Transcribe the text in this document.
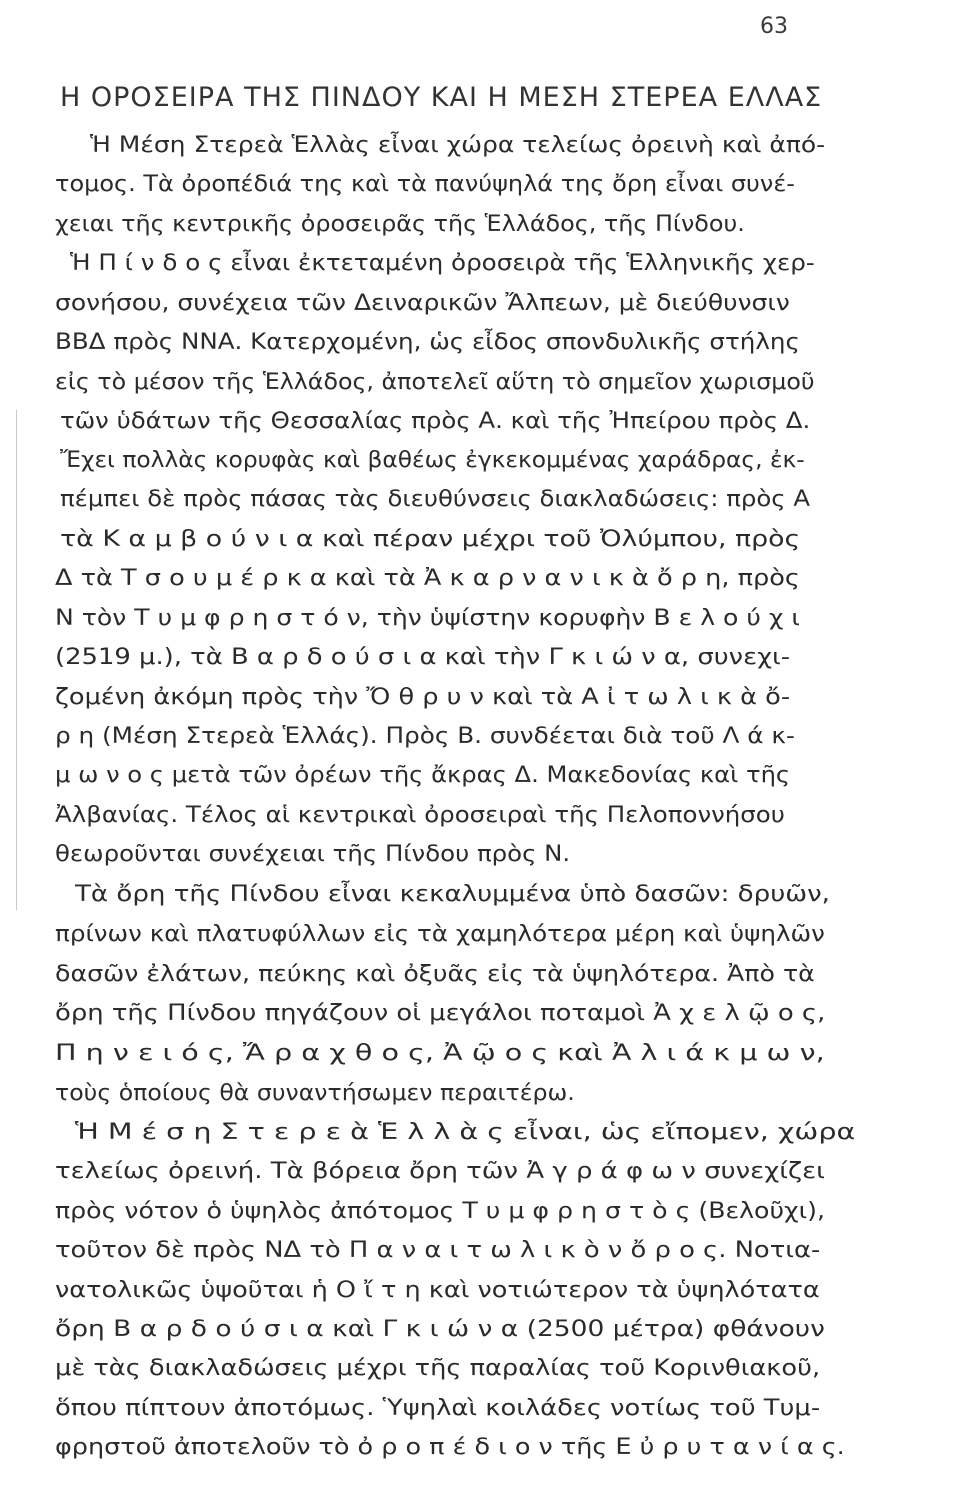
63
Η ΟΡΟΣΕΙΡΑ ΤΗΣ ΠΙΝΔΟΥ ΚΑΙ Η ΜΕΣΗ ΣΤΕΡΕΑ ΕΛΛΑΣ
Ἡ Μέση Στερεὰ Ἑλλὰς εἶναι χώρα τελείως ὀρεινὴ καὶ ἀπό-
τομος. Τὰ ὀροπέδιά της καὶ τὰ πανύψηλά της ὄρη εἶναι συνέ-
χειαι τῆς κεντρικῆς ὀροσειρᾶς τῆς Ἑλλάδος, τῆς Πίνδου.
Ἡ Π ί ν δ ο ς εἶναι ἐκτεταμένη ὀροσειρὰ τῆς Ἑλληνικῆς χερ-
σονήσου, συνέχεια τῶν Δειναρικῶν Ἄλπεων, μὲ διεύθυνσιν
ΒΒΔ πρὸς ΝΝΑ. Κατερχομένη, ὡς εἶδος σπονδυλικῆς στήλης
εἰς τὸ μέσον τῆς Ἑλλάδος, ἀποτελεῖ αὕτη τὸ σημεῖον χωρισμοῦ
τῶν ὑδάτων τῆς Θεσσαλίας πρὸς Α. καὶ τῆς Ἠπείρου πρὸς Δ.
Ἔχει πολλὰς κορυφὰς καὶ βαθέως ἐγκεκομμένας χαράδρας, ἐκ-
πέμπει δὲ πρὸς πάσας τὰς διευθύνσεις διακλαδώσεις: πρὸς Α
τὰ Κ α μ β ο ύ ν ι α καὶ πέραν μέχρι τοῦ Ὀλύμπου, πρὸς
Δ τὰ Τ σ ο υ μ έ ρ κ α καὶ τὰ Ἀ κ α ρ ν α ν ι κ ὰ ὄ ρ η, πρὸς
Ν τὸν Τ υ μ φ ρ η σ τ ό ν, τὴν ὑψίστην κορυφὴν Β ε λ ο ύ χ ι
(2519 μ.), τὰ Β α ρ δ ο ύ σ ι α καὶ τὴν Γ κ ι ώ ν α, συνεχι-
ζομένη ἀκόμη πρὸς τὴν Ὄ θ ρ υ ν καὶ τὰ Α ἰ τ ω λ ι κ ὰ ὄ-
ρ η (Μέση Στερεὰ Ἑλλάς). Πρὸς Β. συνδέεται διὰ τοῦ Λ ά κ-
μ ω ν ο ς μετὰ τῶν ὀρέων τῆς ἄκρας Δ. Μακεδονίας καὶ τῆς
Ἀλβανίας. Τέλος αἱ κεντρικαὶ ὀροσειραὶ τῆς Πελοποννήσου
θεωροῦνται συνέχειαι τῆς Πίνδου πρὸς Ν.
Τὰ ὄρη τῆς Πίνδου εἶναι κεκαλυμμένα ὑπὸ δασῶν: δρυῶν,
πρίνων καὶ πλατυφύλλων εἰς τὰ χαμηλότερα μέρη καὶ ὑψηλῶν
δασῶν ἐλάτων, πεύκης καὶ ὀξυᾶς εἰς τὰ ὑψηλότερα. Ἀπὸ τὰ
ὄρη τῆς Πίνδου πηγάζουν οἱ μεγάλοι ποταμοὶ Ἀ χ ε λ ῷ ο ς,
Π η ν ε ι ό ς, Ἄ ρ α χ θ ο ς, Ἀ ῷ ο ς καὶ Ἀ λ ι ά κ μ ω ν,
τοὺς ὁποίους θὰ συναντήσωμεν περαιτέρω.
Ἡ Μ έ σ η Σ τ ε ρ ε ὰ Ἑ λ λ ὰ ς εἶναι, ὡς εἴπομεν, χώρα
τελείως ὀρεινή. Τὰ βόρεια ὄρη τῶν Ἀ γ ρ ά φ ω ν συνεχίζει
πρὸς νότον ὁ ὑψηλὸς ἀπότομος Τ υ μ φ ρ η σ τ ὸ ς (Βελοῦχι),
τοῦτον δὲ πρὸς ΝΔ τὸ Π α ν α ι τ ω λ ι κ ὸ ν ὄ ρ ο ς. Νοτια-
νατολικῶς ὑψοῦται ἡ Ο ἴ τ η καὶ νοτιώτερον τὰ ὑψηλότατα
ὄρη Β α ρ δ ο ύ σ ι α καὶ Γ κ ι ώ ν α (2500 μέτρα) φθάνουν
μὲ τὰς διακλαδώσεις μέχρι τῆς παραλίας τοῦ Κορινθιακοῦ,
ὅπου πίπτουν ἀποτόμως. Ὑψηλαὶ κοιλάδες νοτίως τοῦ Τυμ-
φρηστοῦ ἀποτελοῦν τὸ ὀ ρ ο π έ δ ι ο ν τῆς Ε ὐ ρ υ τ α ν ί α ς.
